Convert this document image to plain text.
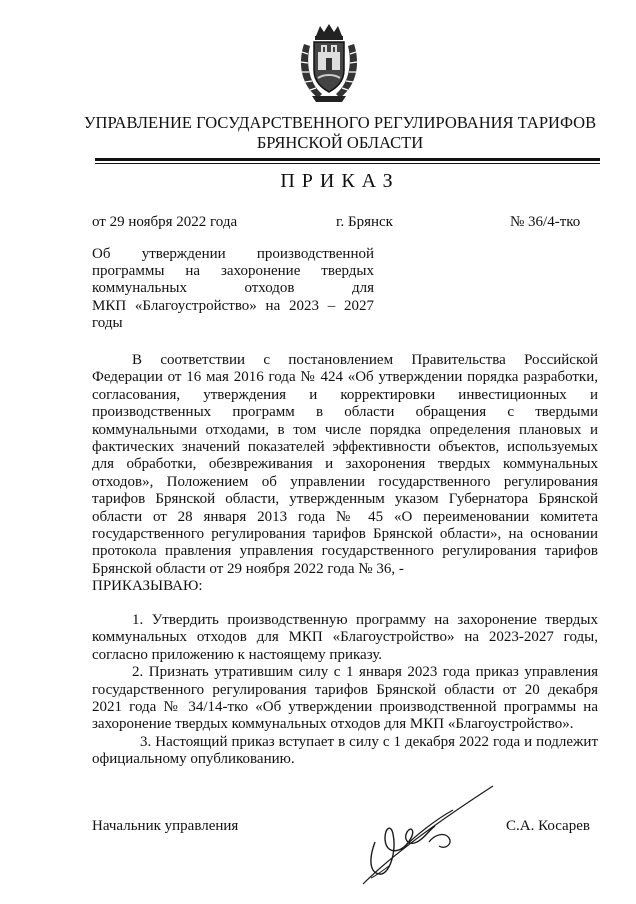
УПРАВЛЕНИЕ ГОСУДАРСТВЕННОГО РЕГУЛИРОВАНИЯ ТАРИФОВ
БРЯНСКОЙ ОБЛАСТИ
ПРИКАЗ
от 29 ноября 2022 года	г. Брянск	№ 36/4-тко
Об утверждении производственной
программы на захоронение твердых
коммунальных отходов для
МКП «Благоустройство» на 2023 – 2027
годы

В соответствии с постановлением Правительства Российской Федерации от 16 мая 2016 года № 424 «Об утверждении порядка разработки, согласования, утверждения и корректировки инвестиционных и производственных программ в области обращения с твердыми коммунальными отходами, в том числе порядка определения плановых и фактических значений показателей эффективности объектов, используемых для обработки, обезвреживания и захоронения твердых коммунальных отходов», Положением об управлении государственного регулирования тарифов Брянской области, утвержденным указом Губернатора Брянской области от 28 января 2013 года № 45 «О переименовании комитета государственного регулирования тарифов Брянской области», на основании протокола правления управления государственного регулирования тарифов Брянской области от 29 ноября 2022 года № 36, -

ПРИКАЗЫВАЮ:

1. Утвердить производственную программу на захоронение твердых коммунальных отходов для МКП «Благоустройство» на 2023-2027 годы, согласно приложению к настоящему приказу.

2. Признать утратившим силу с 1 января 2023 года приказ управления государственного регулирования тарифов Брянской области от 20 декабря 2021 года № 34/14-тко «Об утверждении производственной программы на захоронение твердых коммунальных отходов для МКП «Благоустройство».

3. Настоящий приказ вступает в силу с 1 декабря 2022 года и подлежит официальному опубликованию.

Начальник управления	С.А. Косарев
